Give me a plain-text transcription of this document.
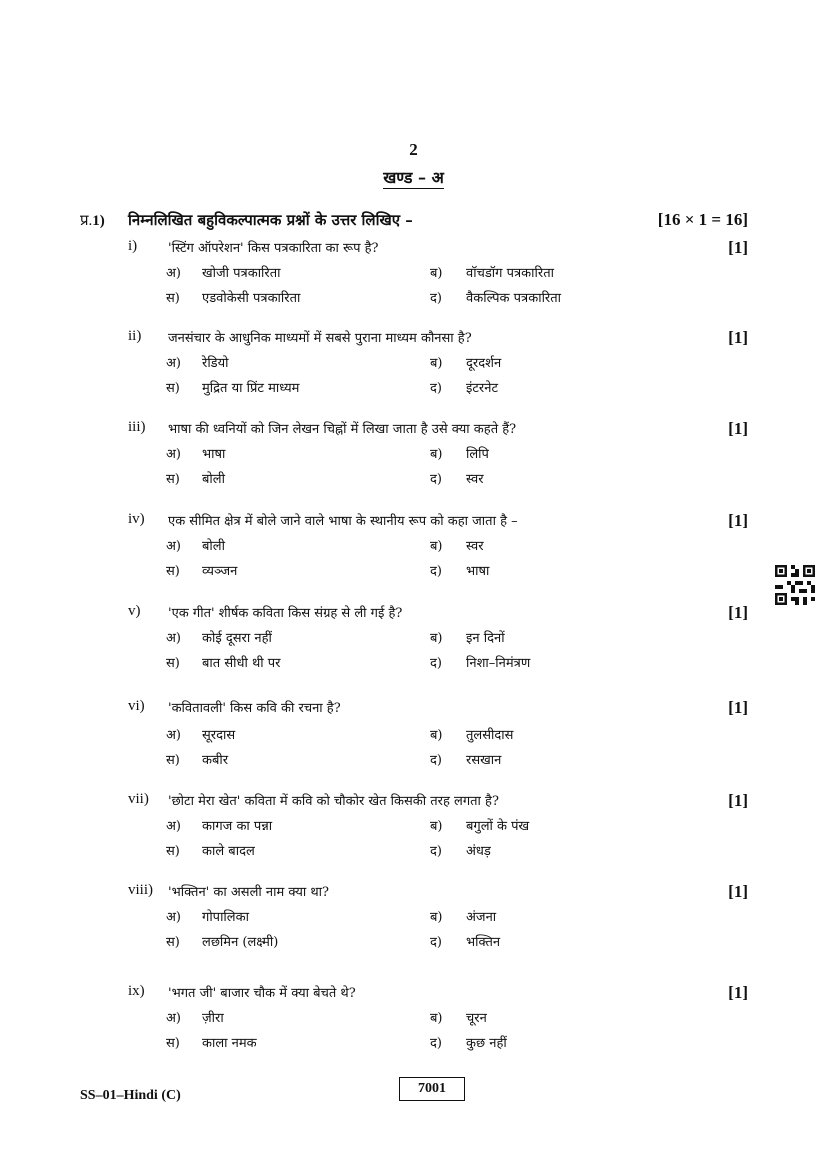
2
खण्ड – अ
प्र.1) निम्नलिखित बहुविकल्पात्मक प्रश्नों के उत्तर लिखिए –	[16 × 1 = 16]
i) 'स्टिंग ऑपरेशन' किस पत्रकारिता का रूप है?	[1]
अ) खोजी पत्रकारिता	ब) वॉचडॉग पत्रकारिता
स) एडवोकेसी पत्रकारिता	द) वैकल्पिक पत्रकारिता
ii) जनसंचार के आधुनिक माध्यमों में सबसे पुराना माध्यम कौनसा है?	[1]
अ) रेडियो	ब) दूरदर्शन
स) मुद्रित या प्रिंट माध्यम	द) इंटरनेट
iii) भाषा की ध्वनियों को जिन लेखन चिह्नों में लिखा जाता है उसे क्या कहते हैं?	[1]
अ) भाषा	ब) लिपि
स) बोली	द) स्वर
iv) एक सीमित क्षेत्र में बोले जाने वाले भाषा के स्थानीय रूप को कहा जाता है –	[1]
अ) बोली	ब) स्वर
स) व्यञ्जन	द) भाषा
v) 'एक गीत' शीर्षक कविता किस संग्रह से ली गई है?	[1]
अ) कोई दूसरा नहीं	ब) इन दिनों
स) बात सीधी थी पर	द) निशा–निमंत्रण
vi) 'कवितावली' किस कवि की रचना है?	[1]
अ) सूरदास	ब) तुलसीदास
स) कबीर	द) रसखान
vii) 'छोटा मेरा खेत' कविता में कवि को चौकोर खेत किसकी तरह लगता है?	[1]
अ) कागज का पन्ना	ब) बगुलों के पंख
स) काले बादल	द) अंधड़
viii) 'भक्तिन' का असली नाम क्या था?	[1]
अ) गोपालिका	ब) अंजना
स) लछमिन (लक्ष्मी)	द) भक्तिन
ix) 'भगत जी' बाजार चौक में क्या बेचते थे?	[1]
अ) ज़ीरा	ब) चूरन
स) काला नमक	द) कुछ नहीं
SS–01–Hindi (C)	7001
